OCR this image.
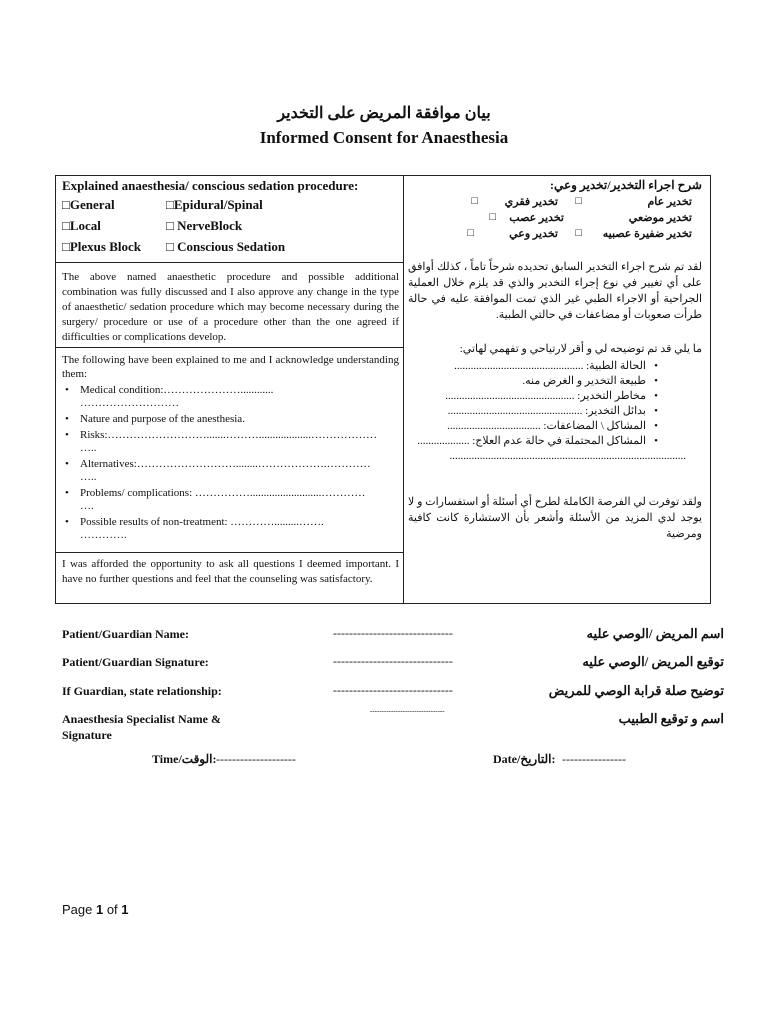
بيان موافقة المريض على التخدير
Informed Consent for Anaesthesia
Explained anaesthesia/ conscious sedation procedure:
□General	□Epidural/Spinal
□Local	□ NerveBlock
□Plexus Block □ Conscious Sedation
The above named anaesthetic procedure and possible additional combination was fully discussed and I also approve any change in the type of anaesthetic/ sedation procedure which may become necessary during the surgery/ procedure or use of a procedure other than the one agreed if difficulties or complications develop.
The following have been explained to me and I acknowledge understanding them:
• Medical condition:…………………............
………………………
• Nature and purpose of the anesthesia.
• Risks:……………………….......………...................………………
…..
• Alternatives:………………………........……………….…………
…..
• Problems/ complications: ……………..........................…………
….
• Possible results of non-treatment: ………….........…….
………….
I was afforded the opportunity to ask all questions I deemed important. I have no further questions and feel that the counseling was satisfactory.
شرح اجراء التخدير/تخدير وعي:
تخدير عام
□
تخدير فقري
□
تخدير موضعي
تخدير عصب
□
تخدير ضفيرة عصبيه
□
تخدير وعي
□
لقد تم شرح اجراء التخدير السابق تحديده شرحاً تاماً ، كذلك أوافق على أي تغيير في نوع إجراء التخدير والذي قد يلزم خلال العملية الجراحية أو الاجراء الطبي غير الذي تمت الموافقة عليه في حالة طرأت صعوبات أو مضاعفات في حالتي الطبية.
ما يلي قد تم توضيحه لي و أقر لارتياحي و تفهمي لهاتي:
• الحالة الطبية: ...............................................
• طبيعة التخدير و الغرض منه.
• مخاطر التخدير: ...............................................
• بدائل التخدير: .................................................
• المشاكل \ المضاعفات: ..................................
• المشاكل المحتملة في حالة عدم العلاج: ...................
......................................................................................
ولقد توفرت لي الفرصة الكاملة لطرح أي أسئلة أو استفسارات و لا يوجد لدي المزيد من الأسئلة وأشعر بأن الاستشارة كانت كافية ومرضية
Patient/Guardian Name:	------------------------------	اسم المريض /الوصي عليه
Patient/Guardian Signature:	------------------------------	توقيع المريض /الوصي عليه
If Guardian, state relationship:	------------------------------	توضيح صلة قرابة الوصي للمريض
Anaesthesia Specialist Name & Signature
--------------------------------	اسم و توقيع الطبيب
Time/الوقت: --------------------	Date/التاريخ: ----------------
Page 1 of 1
